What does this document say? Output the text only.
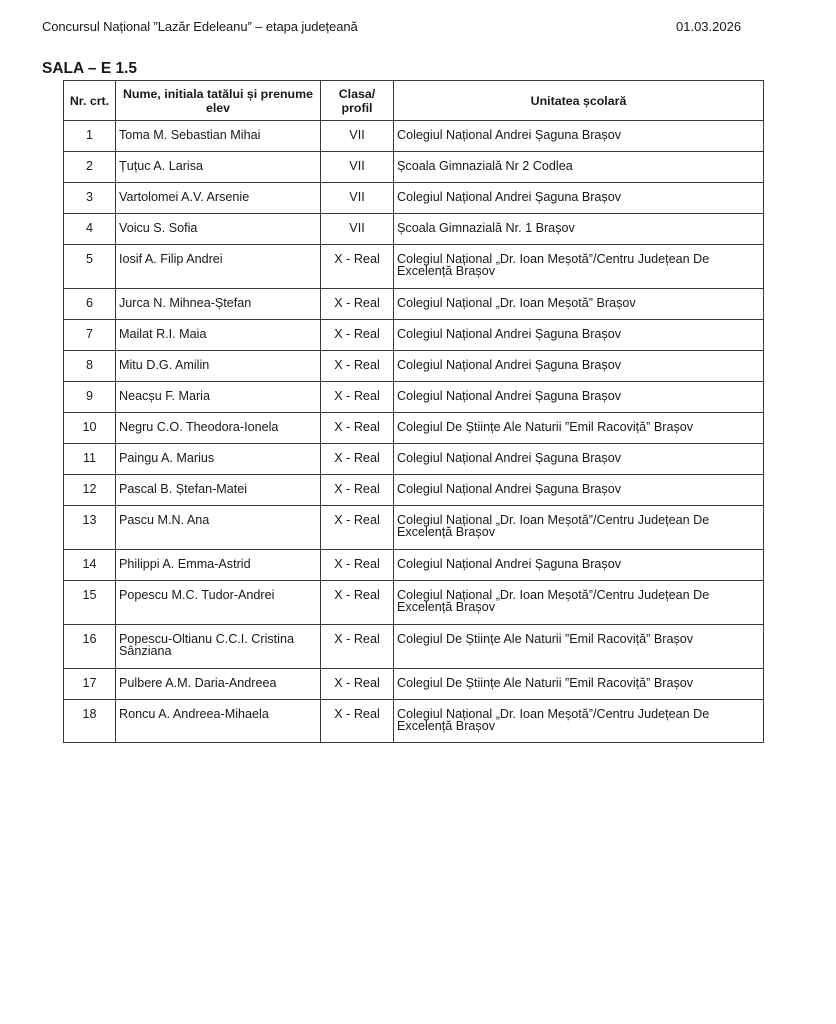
Concursul Național ”Lazăr Edeleanu” – etapa județeană	01.03.2026
SALA – E 1.5
Nr. crt.	Nume, initiala tatălui și prenume elev	Clasa/ profil	Unitatea școlară
1	Toma M. Sebastian Mihai	VII	Colegiul Național Andrei Șaguna Brașov
2	Țuțuc A. Larisa	VII	Școala Gimnazială Nr 2 Codlea
3	Vartolomei A.V. Arsenie	VII	Colegiul Național Andrei Șaguna Brașov
4	Voicu S. Sofia	VII	Școala Gimnazială Nr. 1 Brașov
5	Iosif A. Filip Andrei	X - Real	Colegiul Național „Dr. Ioan Meșotă”/Centru Județean De Excelență Brașov
6	Jurca N. Mihnea-Ștefan	X - Real	Colegiul Național „Dr. Ioan Meșotă” Brașov
7	Mailat R.I. Maia	X - Real	Colegiul Național Andrei Șaguna Brașov
8	Mitu D.G. Amilin	X - Real	Colegiul Național Andrei Șaguna Brașov
9	Neacșu F. Maria	X - Real	Colegiul Național Andrei Șaguna Brașov
10	Negru C.O. Theodora-Ionela	X - Real	Colegiul De Științe Ale Naturii ”Emil Racoviță” Brașov
11	Paingu A. Marius	X - Real	Colegiul Național Andrei Șaguna Brașov
12	Pascal B. Ștefan-Matei	X - Real	Colegiul Național Andrei Șaguna Brașov
13	Pascu M.N. Ana	X - Real	Colegiul Național „Dr. Ioan Meșotă”/Centru Județean De Excelență Brașov
14	Philippi A. Emma-Astrid	X - Real	Colegiul Național Andrei Șaguna Brașov
15	Popescu M.C. Tudor-Andrei	X - Real	Colegiul Național „Dr. Ioan Meșotă”/Centru Județean De Excelență Brașov
16	Popescu-Oltianu C.C.I. Cristina Sânziana	X - Real	Colegiul De Științe Ale Naturii ”Emil Racoviță” Brașov
17	Pulbere A.M. Daria-Andreea	X - Real	Colegiul De Științe Ale Naturii ”Emil Racoviță” Brașov
18	Roncu A. Andreea-Mihaela	X - Real	Colegiul Național „Dr. Ioan Meșotă”/Centru Județean De Excelență Brașov
